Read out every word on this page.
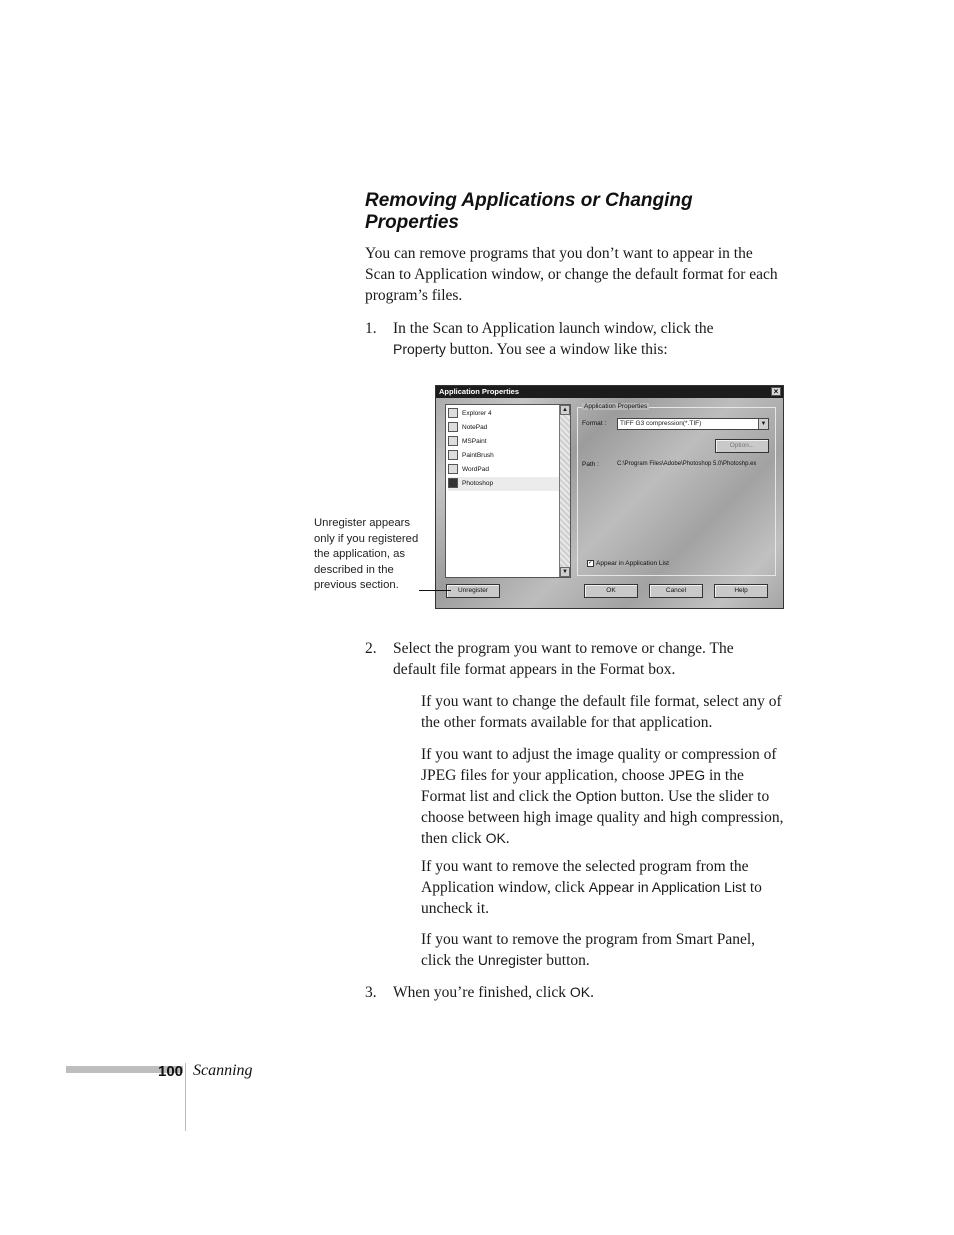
Removing Applications or Changing Properties
You can remove programs that you don’t want to appear in the Scan to Application window, or change the default format for each program’s files.
1. In the Scan to Application launch window, click the
Property button. You see a window like this:
Application Properties	×
Explorer 4
NotePad
MSPaint
PaintBrush
WordPad
Photoshop
▲
▼
Application Properties
Format :	TIFF G3 compression(*.TIF)	▼
Option...
Path :	C:\Program Files\Adobe\Photoshop 5.0\Photoshp.ex
✓ Appear in Application List
Unregister	OK	Cancel	Help
Unregister appears only if you registered the application, as described in the previous section.
2. Select the program you want to remove or change. The default file format appears in the Format box.
If you want to change the default file format, select any of the other formats available for that application.
If you want to adjust the image quality or compression of JPEG files for your application, choose JPEG in the Format list and click the Option button. Use the slider to choose between high image quality and high compression, then click OK.
If you want to remove the selected program from the Application window, click Appear in Application List to uncheck it.
If you want to remove the program from Smart Panel, click the Unregister button.
3. When you’re finished, click OK.
100 Scanning
